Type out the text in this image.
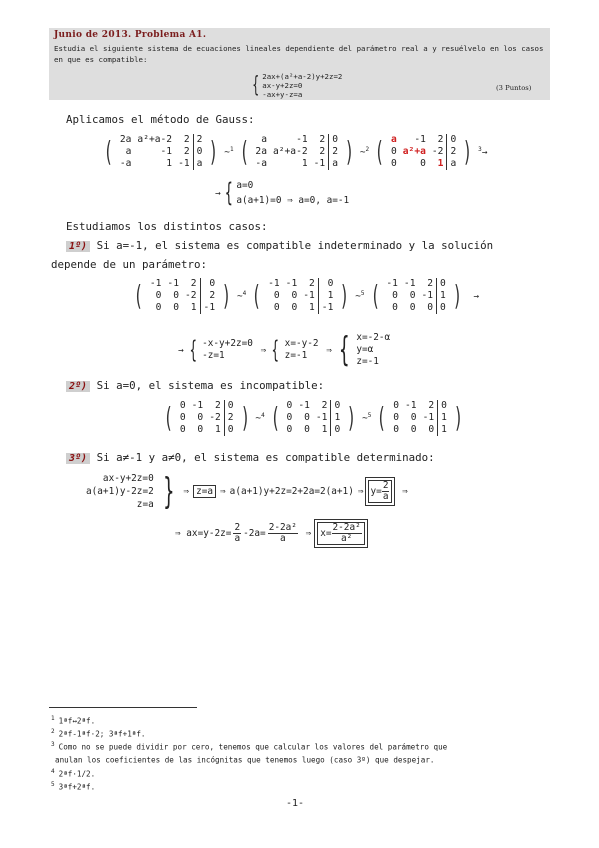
Junio de 2013. Problema A1.
Estudia el siguiente sistema de ecuaciones lineales dependiente del parámetro real a y resuélvelo en los casos en que es compatible:
{ 2ax+(a²+a-2)y+2z=2
ax-y+2z=0
-ax+y-z=a
(3 Puntos)
Aplicamos el método de Gauss:
( 2a	a²+a-2	2	2
a	-1	2	0
-a	1	-1	a ) ~$^1$ ( a	-1	2	0
2a	a²+a-2	2	2
-a	1	-1	a ) ~$^2$ ( a	-1	2	0
0	a²+a	-2	2
0	0	1	a ) $^3$→
→ { a=0
a(a+1)=0 ⇒ a=0, a=-1
Estudiamos los distintos casos:
1º) Si a=-1, el sistema es compatible indeterminado y la solución
depende de un parámetro:
( -1	-1	2	0
0	0	-2	2
0	0	1	-1 ) ~$^4$ ( -1	-1	2	0
0	0	-1	1
0	0	1	-1 ) ~$^5$ ( -1	-1	2	0
0	0	-1	1
0	0	0	0 ) →
→ { -x-y+2z=0
-z=1	⇒ { x=-y-2
z=-1	⇒ { x=-2-α
y=α
z=-1
2º) Si a=0, el sistema es incompatible:
( 0	-1	2	0
0	0	-2	2
0	0	1	0 ) ~$^4$ ( 0	-1	2	0
0	0	-1	1
0	0	1	0 ) ~$^5$ ( 0	-1	2	0
0	0	-1	1
0	0	0	1 )
3º) Si a≠-1 y a≠0, el sistema es compatible determinado:
ax-y+2z=0
a(a+1)y-2z=2
z=a } ⇒ z=a ⇒ a(a+1)y+2z=2+2a=2(a+1) ⇒ $y= \frac{2}{a}$ ⇒
⇒ $ax=y-2z= \frac{2}{a} -2a= \frac{\text{2-2a²}}{a}$ ⇒ $x= \frac{\text{2-2a²}}{\text{a²}}$
$^1$ 1ªf↔2ªf.
$^2$ 2ªf-1ªf·2; 3ªf+1ªf.
$^3$ Como no se puede dividir por cero, tenemos que calcular los valores del parámetro que
anulan los coeficientes de las incógnitas que tenemos luego (caso 3º) que despejar.
$^4$ 2ªf·1/2.
$^5$ 3ªf+2ªf.
-1-
